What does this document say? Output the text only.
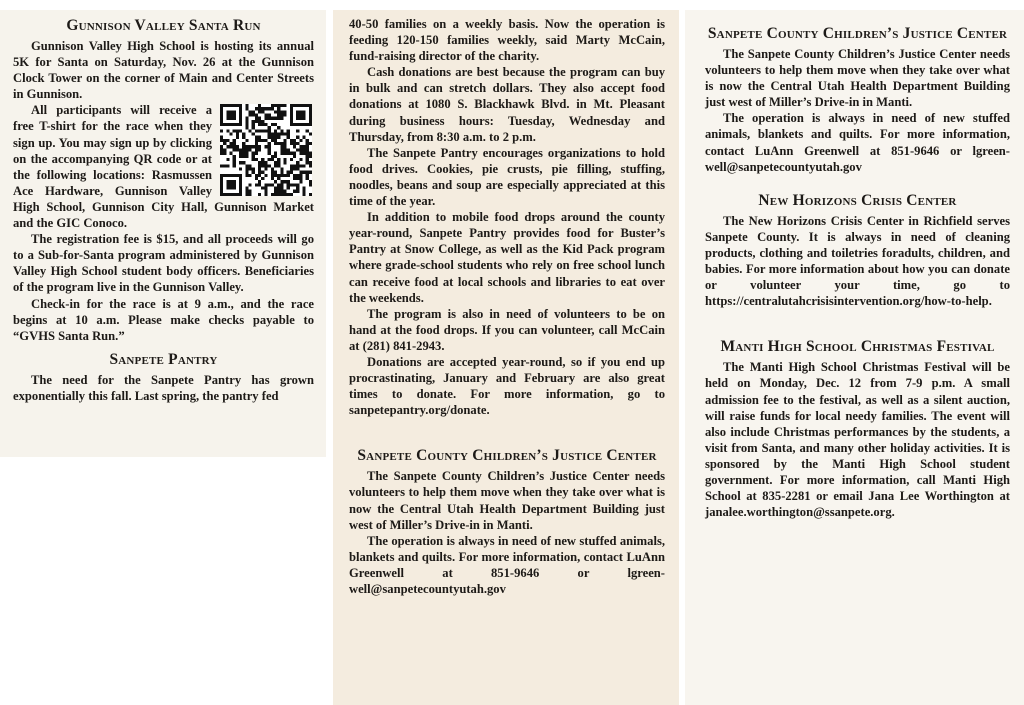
Gunnison Valley Santa Run

Gunnison Valley High School is hosting its annual 5K for Santa on Saturday, Nov. 26 at the Gunnison Clock Tower on the corner of Main and Center Streets in Gunnison.

All participants will receive a free T-shirt for the race when they sign up. You may sign up by clicking on the accompanying QR code or at the following locations: Rasmussen Ace Hardware, Gunnison Valley High School, Gunnison City Hall, Gunnison Market and the GIC Conoco.

The registration fee is $15, and all proceeds will go to a Sub-for-Santa program administered by Gunnison Valley High School student body officers. Beneficiaries of the program live in the Gunnison Valley.

Check-in for the race is at 9 a.m., and the race begins at 10 a.m. Please make checks payable to “GVHS Santa Run.”

Sanpete Pantry

The need for the Sanpete Pantry has grown exponentially this fall. Last spring, the pantry fed

40-50 families on a weekly basis. Now the operation is feeding 120-150 families weekly, said Marty McCain, fund-raising director of the charity.

Cash donations are best because the program can buy in bulk and can stretch dollars. They also accept food donations at 1080 S. Blackhawk Blvd. in Mt. Pleasant during business hours: Tuesday, Wednesday and Thursday, from 8:30 a.m. to 2 p.m.

The Sanpete Pantry encourages organizations to hold food drives. Cookies, pie crusts, pie filling, stuffing, noodles, beans and soup are especially appreciated at this time of the year.

In addition to mobile food drops around the county year-round, Sanpete Pantry provides food for Buster’s Pantry at Snow College, as well as the Kid Pack program where grade-school students who rely on free school lunch can receive food at local schools and libraries to eat over the weekends.

The program is also in need of volunteers to be on hand at the food drops. If you can volunteer, call McCain at (281) 841-2943.

Donations are accepted year-round, so if you end up procrastinating, January and February are also great times to donate. For more information, go to sanpetepantry.org/donate.

Sanpete County Children’s Justice Center

The Sanpete County Children’s Justice Center needs volunteers to help them move when they take over what is now the Central Utah Health Department Building just west of Miller’s Drive-in in Manti.

The operation is always in need of new stuffed animals, blankets and quilts. For more information, contact LuAnn Greenwell at 851-9646 or lgreenwell@sanpetecountyutah.gov

Sanpete County Children’s Justice Center

The Sanpete County Children’s Justice Center needs volunteers to help them move when they take over what is now the Central Utah Health Department Building just west of Miller’s Drive-in in Manti.

The operation is always in need of new stuffed animals, blankets and quilts. For more information, contact LuAnn Greenwell at 851-9646 or lgreenwell@sanpetecountyutah.gov

New Horizons Crisis Center

The New Horizons Crisis Center in Richfield serves Sanpete County. It is always in need of cleaning products, clothing and toiletries foradults, children, and babies. For more information about how you can donate or volunteer your time, go to https://centralutahcrisisintervention.org/how-to-help.

Manti High School Christmas Festival

The Manti High School Christmas Festival will be held on Monday, Dec. 12 from 7-9 p.m. A small admission fee to the festival, as well as a silent auction, will raise funds for local needy families. The event will also include Christmas performances by the students, a visit from Santa, and many other holiday activities. It is sponsored by the Manti High School student government. For more information, call Manti High School at 835-2281 or email Jana Lee Worthington at janalee.worthington@ssanpete.org.
